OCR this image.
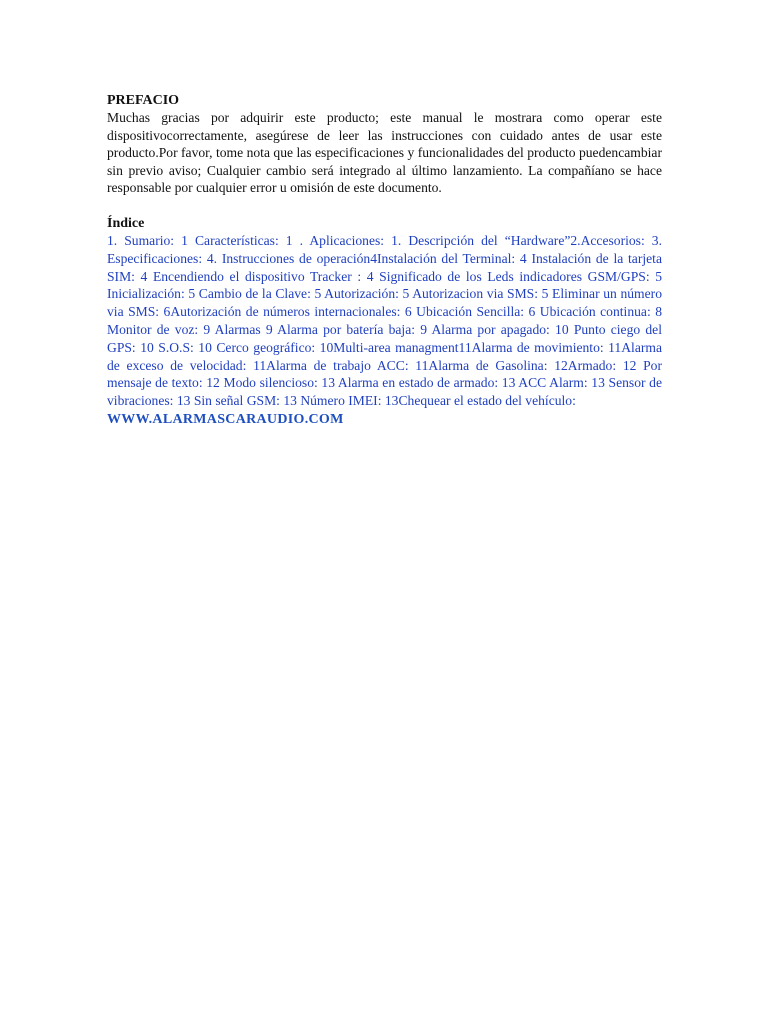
PREFACIO

Muchas gracias por adquirir este producto; este manual le mostrara como operar este dispositivocorrectamente, asegúrese de leer las instrucciones con cuidado antes de usar este producto.Por favor, tome nota que las especificaciones y funcionalidades del producto puedencambiar sin previo aviso; Cualquier cambio será integrado al último lanzamiento. La compañíano se hace responsable por cualquier error u omisión de este documento.

Índice

1. Sumario: 1 Características: 1 . Aplicaciones: 1. Descripción del “Hardware”2.Accesorios: 3. Especificaciones: 4. Instrucciones de operación4Instalación del Terminal: 4 Instalación de la tarjeta SIM: 4 Encendiendo el dispositivo Tracker : 4 Significado de los Leds indicadores GSM/GPS: 5 Inicialización: 5 Cambio de la Clave: 5 Autorización: 5 Autorizacion via SMS: 5 Eliminar un número via SMS: 6Autorización de números internacionales: 6 Ubicación Sencilla: 6 Ubicación continua: 8 Monitor de voz: 9 Alarmas 9 Alarma por batería baja: 9 Alarma por apagado: 10 Punto ciego del GPS: 10 S.O.S: 10 Cerco geográfico: 10Multi-area managment11Alarma de movimiento: 11Alarma de exceso de velocidad: 11Alarma de trabajo ACC: 11Alarma de Gasolina: 12Armado: 12 Por mensaje de texto: 12 Modo silencioso: 13 Alarma en estado de armado: 13 ACC Alarm: 13 Sensor de vibraciones: 13 Sin señal GSM: 13 Número IMEI: 13Chequear el estado del vehículo:

WWW.ALARMASCARAUDIO.COM
